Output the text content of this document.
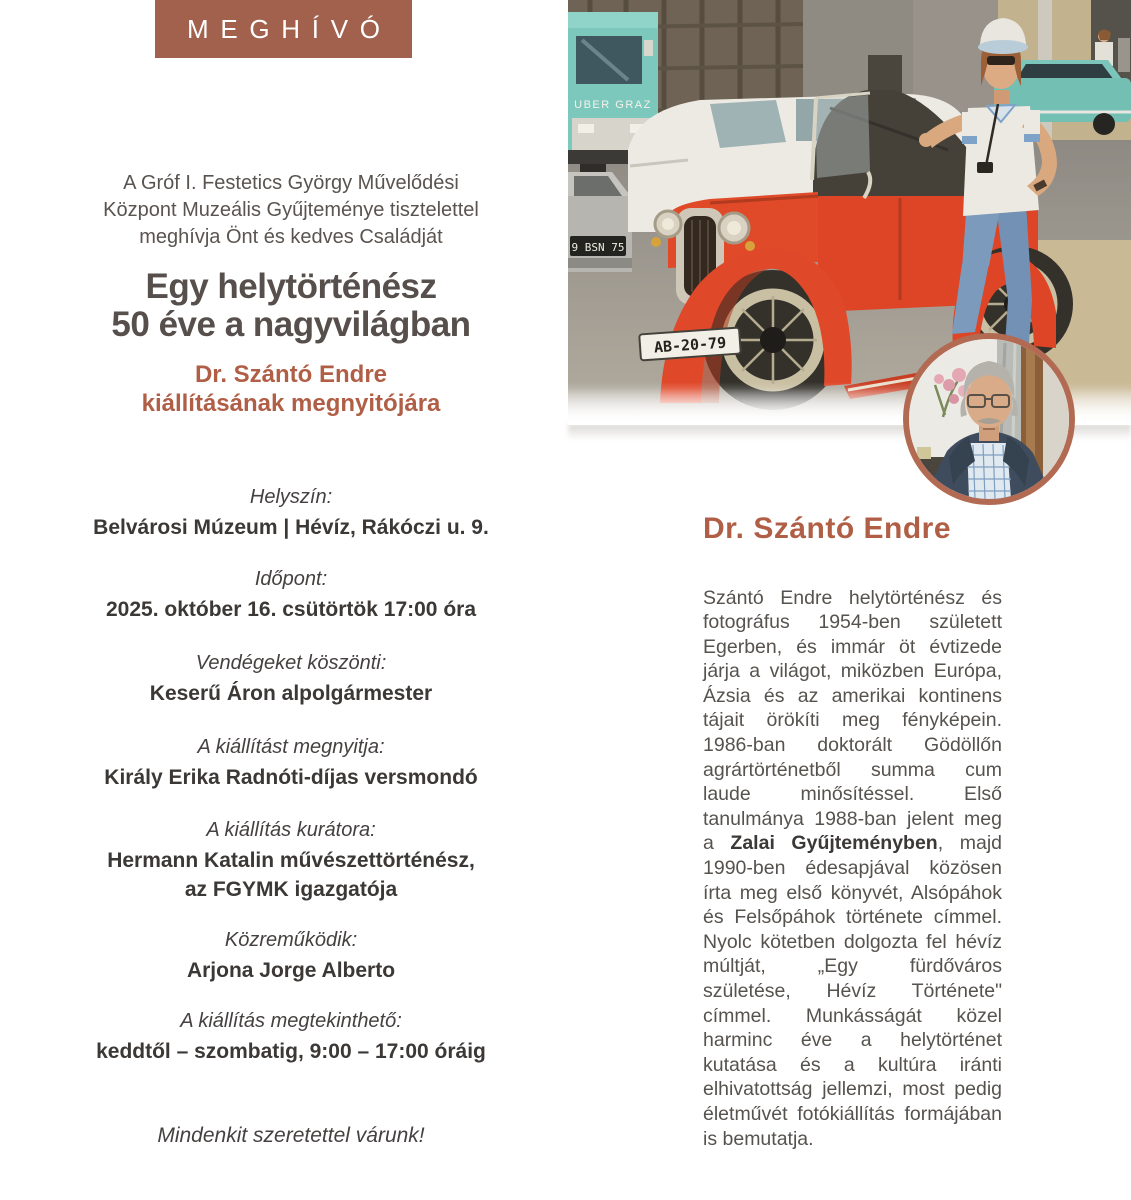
MEGHÍVÓ
A Gróf I. Festetics György Művelődési
Központ Muzeális Gyűjteménye tisztelettel
meghívja Önt és kedves Családját
Egy helytörténész
50 éve a nagyvilágban
Dr. Szántó Endre
kiállításának megnyitójára
Helyszín:
Belvárosi Múzeum | Hévíz, Rákóczi u. 9.
Időpont:
2025. október 16. csütörtök 17:00 óra
Vendégeket köszönti:
Keserű Áron alpolgármester
A kiállítást megnyitja:
Király Erika Radnóti-díjas versmondó
A kiállítás kurátora:
Hermann Katalin művészettörténész,
az FGYMK igazgatója
Közreműködik:
Arjona Jorge Alberto
A kiállítás megtekinthető:
keddtől – szombatig, 9:00 – 17:00 óráig
Mindenkit szeretettel várunk!
UBER GRAZ
9 BSN 75
AB-20-79
Dr. Szántó Endre

Szántó Endre helytörténész és fotográfus 1954-ben született Egerben, és immár öt évtizede járja a világot, miközben Európa, Ázsia és az amerikai kontinens tájait örökíti meg fényképein. 1986-ban doktorált Gödöllőn agrártörténetből summa cum laude minősítéssel. Első tanulmánya 1988-ban jelent meg a Zalai Gyűjteményben, majd 1990-ben édesapjával közösen írta meg első könyvét, Alsópáhok és Felsőpáhok története címmel. Nyolc kötetben dolgozta fel hévíz múltját, „Egy fürdőváros születése, Hévíz Története" címmel. Munkásságát közel harminc éve a helytörténet kutatása és a kultúra iránti elhivatottság jellemzi, most pedig életművét fotókiállítás formájában is bemutatja.
